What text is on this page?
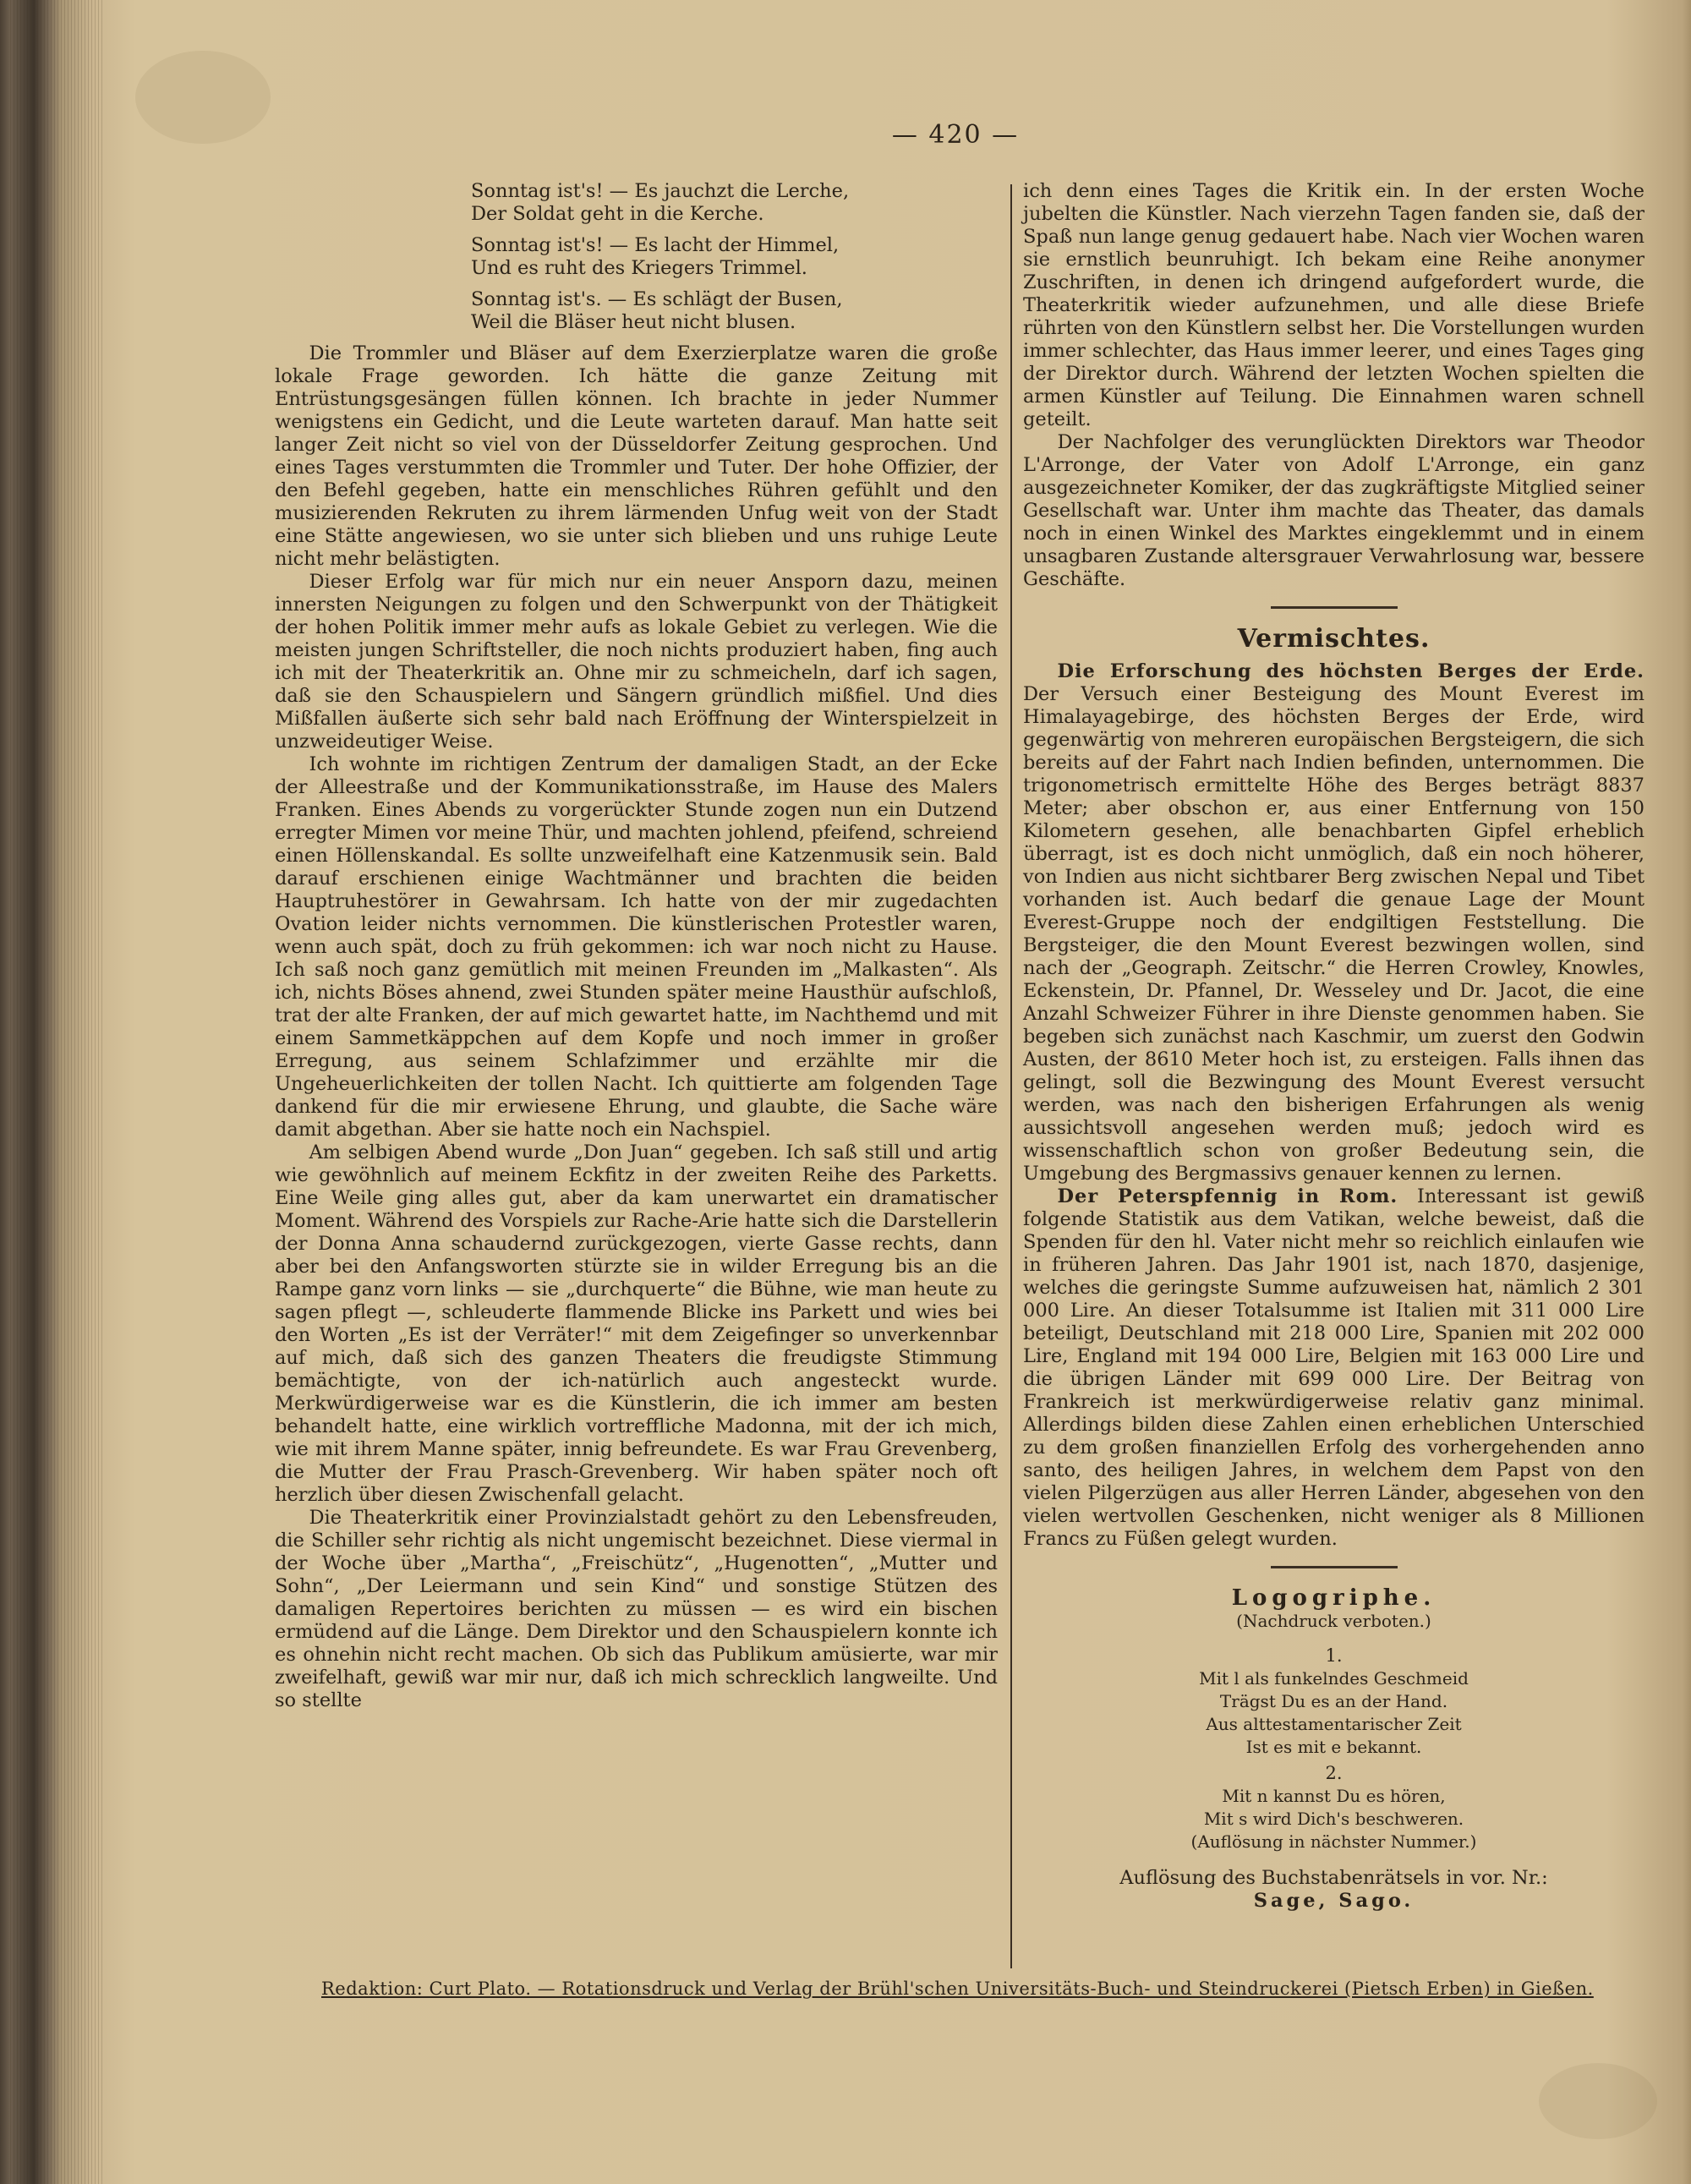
— 420 —
Sonntag ist's! — Es jauchzt die Lerche,
Der Soldat geht in die Kerche.
Sonntag ist's! — Es lacht der Himmel,
Und es ruht des Kriegers Trimmel.
Sonntag ist's. — Es schlägt der Busen,
Weil die Bläser heut nicht blusen.

Die Trommler und Bläser auf dem Exerzierplatze waren die große lokale Frage geworden. Ich hätte die ganze Zeitung mit Entrüstungsgesängen füllen können. Ich brachte in jeder Nummer wenigstens ein Gedicht, und die Leute warteten darauf. Man hatte seit langer Zeit nicht so viel von der Düsseldorfer Zeitung gesprochen. Und eines Tages verstummten die Trommler und Tuter. Der hohe Offizier, der den Befehl gegeben, hatte ein menschliches Rühren gefühlt und den musizierenden Rekruten zu ihrem lärmenden Unfug weit von der Stadt eine Stätte angewiesen, wo sie unter sich blieben und uns ruhige Leute nicht mehr belästigten.

Dieser Erfolg war für mich nur ein neuer Ansporn dazu, meinen innersten Neigungen zu folgen und den Schwerpunkt von der Thätigkeit der hohen Politik immer mehr aufs as lokale Gebiet zu verlegen. Wie die meisten jungen Schriftsteller, die noch nichts produziert haben, fing auch ich mit der Theaterkritik an. Ohne mir zu schmeicheln, darf ich sagen, daß sie den Schauspielern und Sängern gründlich mißfiel. Und dies Mißfallen äußerte sich sehr bald nach Eröffnung der Winterspielzeit in unzweideutiger Weise.

Ich wohnte im richtigen Zentrum der damaligen Stadt, an der Ecke der Alleestraße und der Kommunikationsstraße, im Hause des Malers Franken. Eines Abends zu vorgerückter Stunde zogen nun ein Dutzend erregter Mimen vor meine Thür, und machten johlend, pfeifend, schreiend einen Höllenskandal. Es sollte unzweifelhaft eine Katzenmusik sein. Bald darauf erschienen einige Wachtmänner und brachten die beiden Hauptruhestörer in Gewahrsam. Ich hatte von der mir zugedachten Ovation leider nichts vernommen. Die künstlerischen Protestler waren, wenn auch spät, doch zu früh gekommen: ich war noch nicht zu Hause. Ich saß noch ganz gemütlich mit meinen Freunden im „Malkasten“. Als ich, nichts Böses ahnend, zwei Stunden später meine Hausthür aufschloß, trat der alte Franken, der auf mich gewartet hatte, im Nachthemd und mit einem Sammetkäppchen auf dem Kopfe und noch immer in großer Erregung, aus seinem Schlafzimmer und erzählte mir die Ungeheuerlichkeiten der tollen Nacht. Ich quittierte am folgenden Tage dankend für die mir erwiesene Ehrung, und glaubte, die Sache wäre damit abgethan. Aber sie hatte noch ein Nachspiel.

Am selbigen Abend wurde „Don Juan“ gegeben. Ich saß still und artig wie gewöhnlich auf meinem Eckfitz in der zweiten Reihe des Parketts. Eine Weile ging alles gut, aber da kam unerwartet ein dramatischer Moment. Während des Vorspiels zur Rache-Arie hatte sich die Darstellerin der Donna Anna schaudernd zurückgezogen, vierte Gasse rechts, dann aber bei den Anfangsworten stürzte sie in wilder Erregung bis an die Rampe ganz vorn links — sie „durchquerte“ die Bühne, wie man heute zu sagen pflegt —, schleuderte flammende Blicke ins Parkett und wies bei den Worten „Es ist der Verräter!“ mit dem Zeigefinger so unverkennbar auf mich, daß sich des ganzen Theaters die freudigste Stimmung bemächtigte, von der ich-natürlich auch angesteckt wurde. Merkwürdigerweise war es die Künstlerin, die ich immer am besten behandelt hatte, eine wirklich vortreffliche Madonna, mit der ich mich, wie mit ihrem Manne später, innig befreundete. Es war Frau Grevenberg, die Mutter der Frau Prasch-Grevenberg. Wir haben später noch oft herzlich über diesen Zwischenfall gelacht.

Die Theaterkritik einer Provinzialstadt gehört zu den Lebensfreuden, die Schiller sehr richtig als nicht ungemischt bezeichnet. Diese viermal in der Woche über „Martha“, „Freischütz“, „Hugenotten“, „Mutter und Sohn“, „Der Leiermann und sein Kind“ und sonstige Stützen des damaligen Repertoires berichten zu müssen — es wird ein bischen ermüdend auf die Länge. Dem Direktor und den Schauspielern konnte ich es ohnehin nicht recht machen. Ob sich das Publikum amüsierte, war mir zweifelhaft, gewiß war mir nur, daß ich mich schrecklich langweilte. Und so stellte

ich denn eines Tages die Kritik ein. In der ersten Woche jubelten die Künstler. Nach vierzehn Tagen fanden sie, daß der Spaß nun lange genug gedauert habe. Nach vier Wochen waren sie ernstlich beunruhigt. Ich bekam eine Reihe anonymer Zuschriften, in denen ich dringend aufgefordert wurde, die Theaterkritik wieder aufzunehmen, und alle diese Briefe rührten von den Künstlern selbst her. Die Vorstellungen wurden immer schlechter, das Haus immer leerer, und eines Tages ging der Direktor durch. Während der letzten Wochen spielten die armen Künstler auf Teilung. Die Einnahmen waren schnell geteilt.

Der Nachfolger des verunglückten Direktors war Theodor L'Arronge, der Vater von Adolf L'Arronge, ein ganz ausgezeichneter Komiker, der das zugkräftigste Mitglied seiner Gesellschaft war. Unter ihm machte das Theater, das damals noch in einen Winkel des Marktes eingeklemmt und in einem unsagbaren Zustande altersgrauer Verwahrlosung war, bessere Geschäfte.

Vermischtes.

Die Erforschung des höchsten Berges der Erde. Der Versuch einer Besteigung des Mount Everest im Himalayagebirge, des höchsten Berges der Erde, wird gegenwärtig von mehreren europäischen Bergsteigern, die sich bereits auf der Fahrt nach Indien befinden, unternommen. Die trigonometrisch ermittelte Höhe des Berges beträgt 8837 Meter; aber obschon er, aus einer Entfernung von 150 Kilometern gesehen, alle benachbarten Gipfel erheblich überragt, ist es doch nicht unmöglich, daß ein noch höherer, von Indien aus nicht sichtbarer Berg zwischen Nepal und Tibet vorhanden ist. Auch bedarf die genaue Lage der Mount Everest-Gruppe noch der endgiltigen Feststellung. Die Bergsteiger, die den Mount Everest bezwingen wollen, sind nach der „Geograph. Zeitschr.“ die Herren Crowley, Knowles, Eckenstein, Dr. Pfannel, Dr. Wesseley und Dr. Jacot, die eine Anzahl Schweizer Führer in ihre Dienste genommen haben. Sie begeben sich zunächst nach Kaschmir, um zuerst den Godwin Austen, der 8610 Meter hoch ist, zu ersteigen. Falls ihnen das gelingt, soll die Bezwingung des Mount Everest versucht werden, was nach den bisherigen Erfahrungen als wenig aussichtsvoll angesehen werden muß; jedoch wird es wissenschaftlich schon von großer Bedeutung sein, die Umgebung des Bergmassivs genauer kennen zu lernen.

Der Peterspfennig in Rom. Interessant ist gewiß folgende Statistik aus dem Vatikan, welche beweist, daß die Spenden für den hl. Vater nicht mehr so reichlich einlaufen wie in früheren Jahren. Das Jahr 1901 ist, nach 1870, dasjenige, welches die geringste Summe aufzuweisen hat, nämlich 2 301 000 Lire. An dieser Totalsumme ist Italien mit 311 000 Lire beteiligt, Deutschland mit 218 000 Lire, Spanien mit 202 000 Lire, England mit 194 000 Lire, Belgien mit 163 000 Lire und die übrigen Länder mit 699 000 Lire. Der Beitrag von Frankreich ist merkwürdigerweise relativ ganz minimal. Allerdings bilden diese Zahlen einen erheblichen Unterschied zu dem großen finanziellen Erfolg des vorhergehenden anno santo, des heiligen Jahres, in welchem dem Papst von den vielen Pilgerzügen aus aller Herren Länder, abgesehen von den vielen wertvollen Geschenken, nicht weniger als 8 Millionen Francs zu Füßen gelegt wurden.

Logogriphe.
(Nachdruck verboten.)
1.
Mit l als funkelndes Geschmeid
Trägst Du es an der Hand.
Aus alttestamentarischer Zeit
Ist es mit e bekannt.
2.
Mit n kannst Du es hören,
Mit s wird Dich's beschweren.
(Auflösung in nächster Nummer.)
Auflösung des Buchstabenrätsels in vor. Nr.:
Sage, Sago.
Redaktion: Curt Plato. — Rotationsdruck und Verlag der Brühl'schen Universitäts-Buch- und Steindruckerei (Pietsch Erben) in Gießen.
